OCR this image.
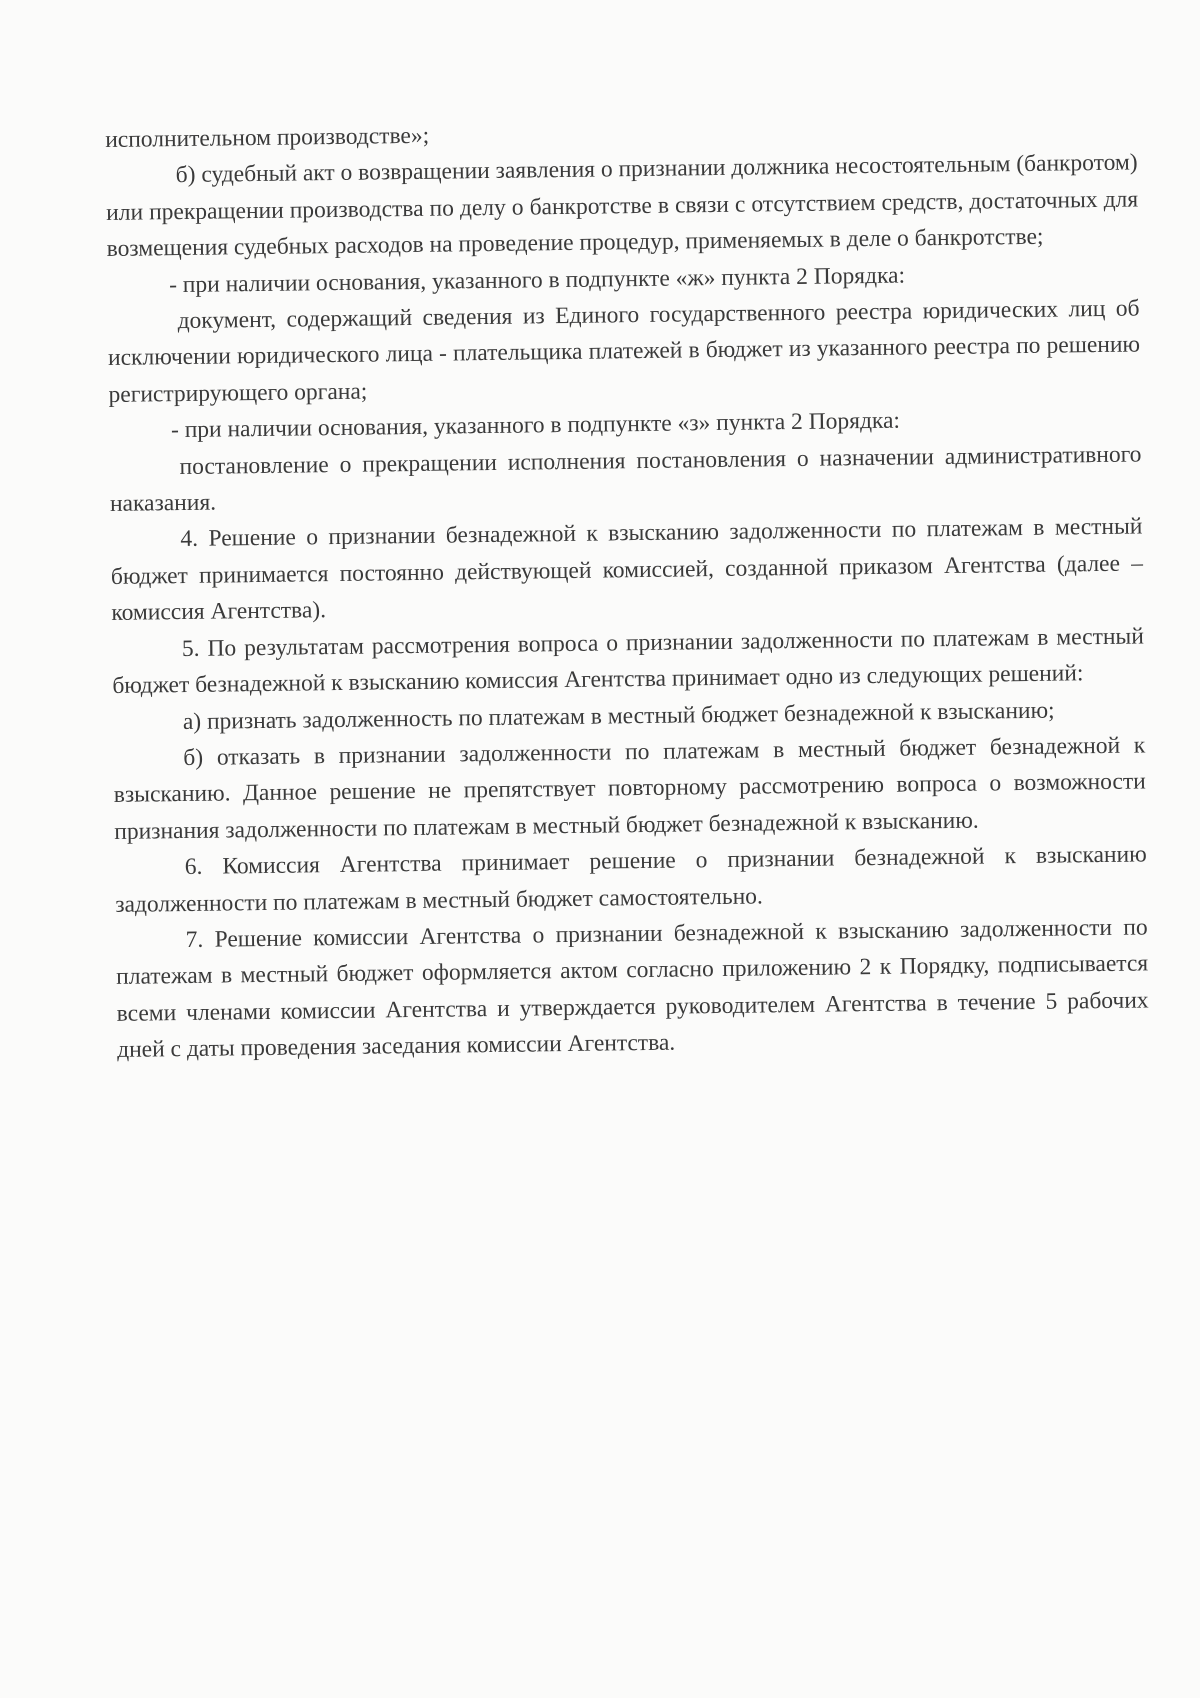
исполнительном производстве»;

б) судебный акт о возвращении заявления о признании должника несостоятельным (банкротом) или прекращении производства по делу о банкротстве в связи с отсутствием средств, достаточных для возмещения судебных расходов на проведение процедур, применяемых в деле о банкротстве;

- при наличии основания, указанного в подпункте «ж» пункта 2 Порядка:

документ, содержащий сведения из Единого государственного реестра юридических лиц об исключении юридического лица - плательщика платежей в бюджет из указанного реестра по решению регистрирующего органа;

- при наличии основания, указанного в подпункте «з» пункта 2 Порядка:

постановление о прекращении исполнения постановления о назначении административного наказания.

4. Решение о признании безнадежной к взысканию задолженности по платежам в местный бюджет принимается постоянно действующей комиссией, созданной приказом Агентства (далее – комиссия Агентства).

5. По результатам рассмотрения вопроса о признании задолженности по платежам в местный бюджет безнадежной к взысканию комиссия Агентства принимает одно из следующих решений:

а) признать задолженность по платежам в местный бюджет безнадежной к взысканию;

б) отказать в признании задолженности по платежам в местный бюджет безнадежной к взысканию. Данное решение не препятствует повторному рассмотрению вопроса о возможности признания задолженности по платежам в местный бюджет безнадежной к взысканию.

6. Комиссия Агентства принимает решение о признании безнадежной к взысканию задолженности по платежам в местный бюджет самостоятельно.

7. Решение комиссии Агентства о признании безнадежной к взысканию задолженности по платежам в местный бюджет оформляется актом согласно приложению 2 к Порядку, подписывается всеми членами комиссии Агентства и утверждается руководителем Агентства в течение 5 рабочих дней с даты проведения заседания комиссии Агентства.
